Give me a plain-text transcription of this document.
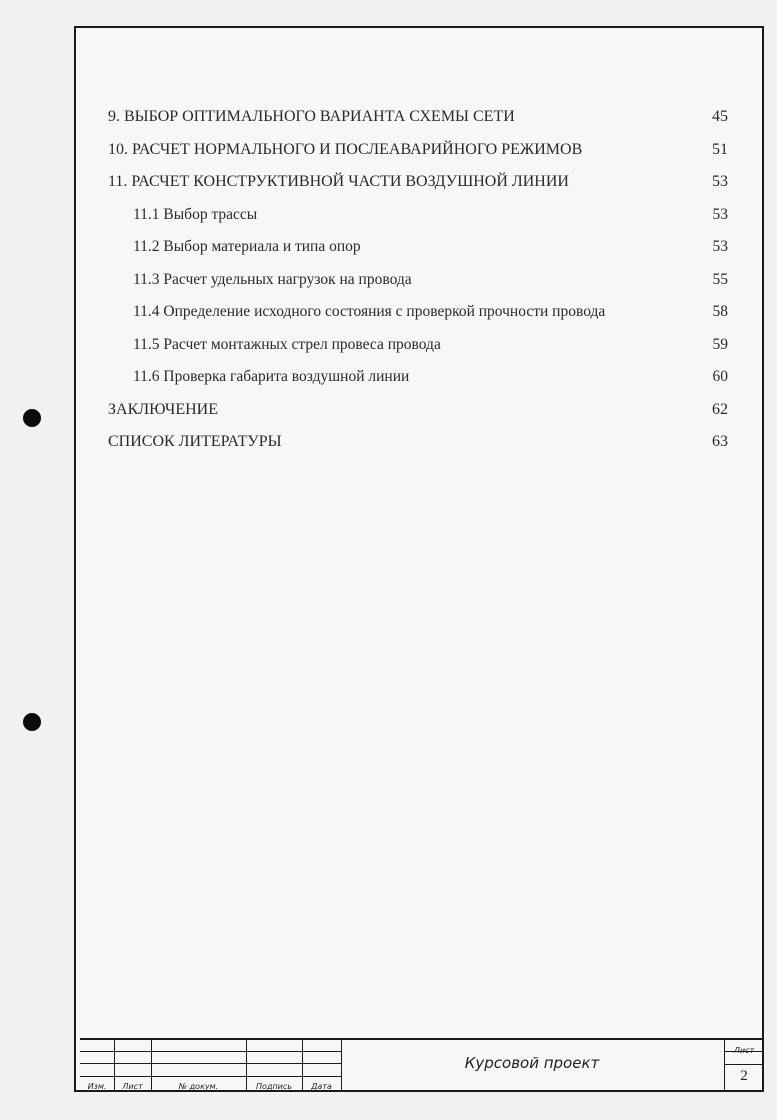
9. ВЫБОР ОПТИМАЛЬНОГО ВАРИАНТА СХЕМЫ СЕТИ	45
10. РАСЧЕТ НОРМАЛЬНОГО И ПОСЛЕАВАРИЙНОГО РЕЖИМОВ	51
11. РАСЧЕТ КОНСТРУКТИВНОЙ ЧАСТИ ВОЗДУШНОЙ ЛИНИИ	53
11.1 Выбор трассы	53
11.2 Выбор материала и типа опор	53
11.3 Расчет удельных нагрузок на провода	55
11.4 Определение исходного состояния с проверкой прочности провода	58
11.5 Расчет монтажных стрел провеса провода	59
11.6 Проверка габарита воздушной линии	60
ЗАКЛЮЧЕНИЕ	62
СПИСОК ЛИТЕРАТУРЫ	63
Изм.	Лист	№ докум.	Подпись	Дата
Курсовой проект
Лист
2
